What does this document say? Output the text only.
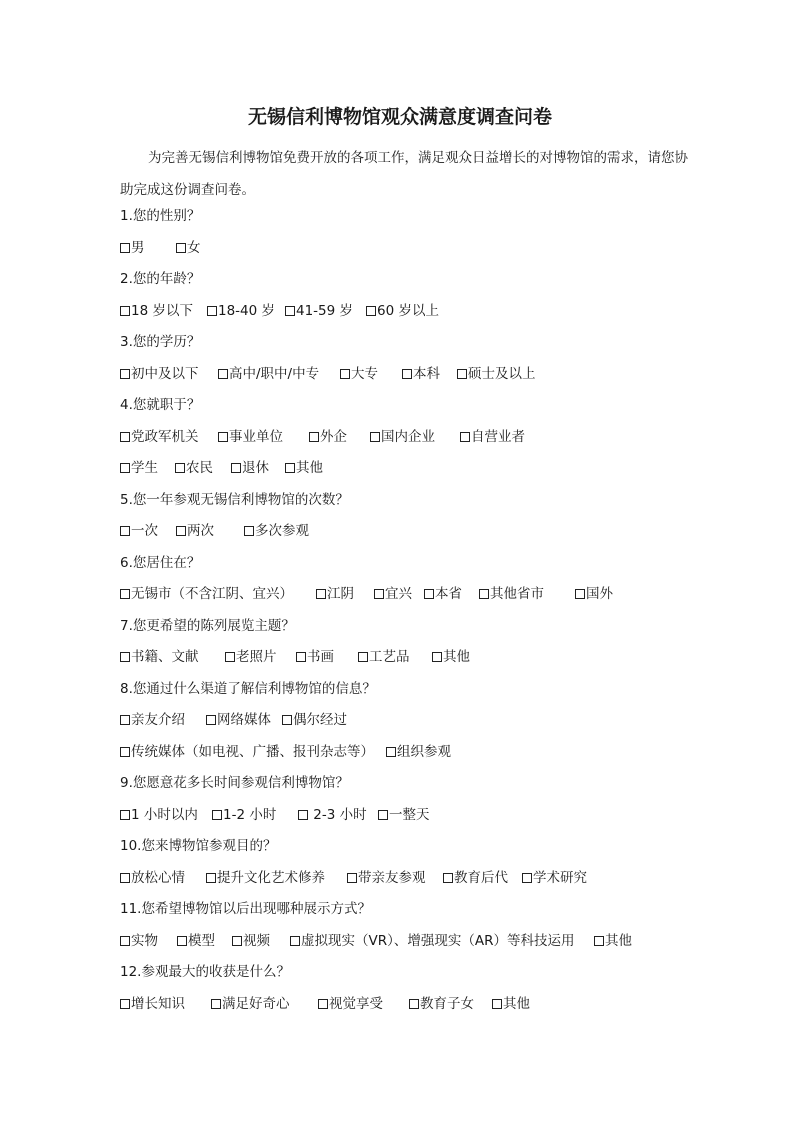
无锡信利博物馆观众满意度调查问卷
为完善无锡信利博物馆免费开放的各项工作，满足观众日益增长的对博物馆的需求，请您协助完成这份调查问卷。
1.您的性别？
男	女
2.您的年龄？
18 岁以下	18-40 岁	41-59 岁	60 岁以上
3.您的学历？
初中及以下	高中/职中/中专	大专	本科	硕士及以上
4.您就职于？
党政军机关	事业单位	外企	国内企业	自营业者
学生	农民	退休	其他
5.您一年参观无锡信利博物馆的次数？
一次	两次	多次参观
6.您居住在？
无锡市（不含江阴、宜兴）	江阴	宜兴	本省	其他省市	国外
7.您更希望的陈列展览主题？
书籍、文献	老照片	书画	工艺品	其他
8.您通过什么渠道了解信利博物馆的信息？
亲友介绍	网络媒体	偶尔经过
传统媒体（如电视、广播、报刊杂志等）	组织参观
9.您愿意花多长时间参观信利博物馆？
1 小时以内	1-2 小时	2-3 小时	一整天
10.您来博物馆参观目的？
放松心情	提升文化艺术修养	带亲友参观	教育后代	学术研究
11.您希望博物馆以后出现哪种展示方式？
实物	模型	视频	虚拟现实（VR）、增强现实（AR）等科技运用	其他
12.参观最大的收获是什么？
增长知识	满足好奇心	视觉享受	教育子女	其他
